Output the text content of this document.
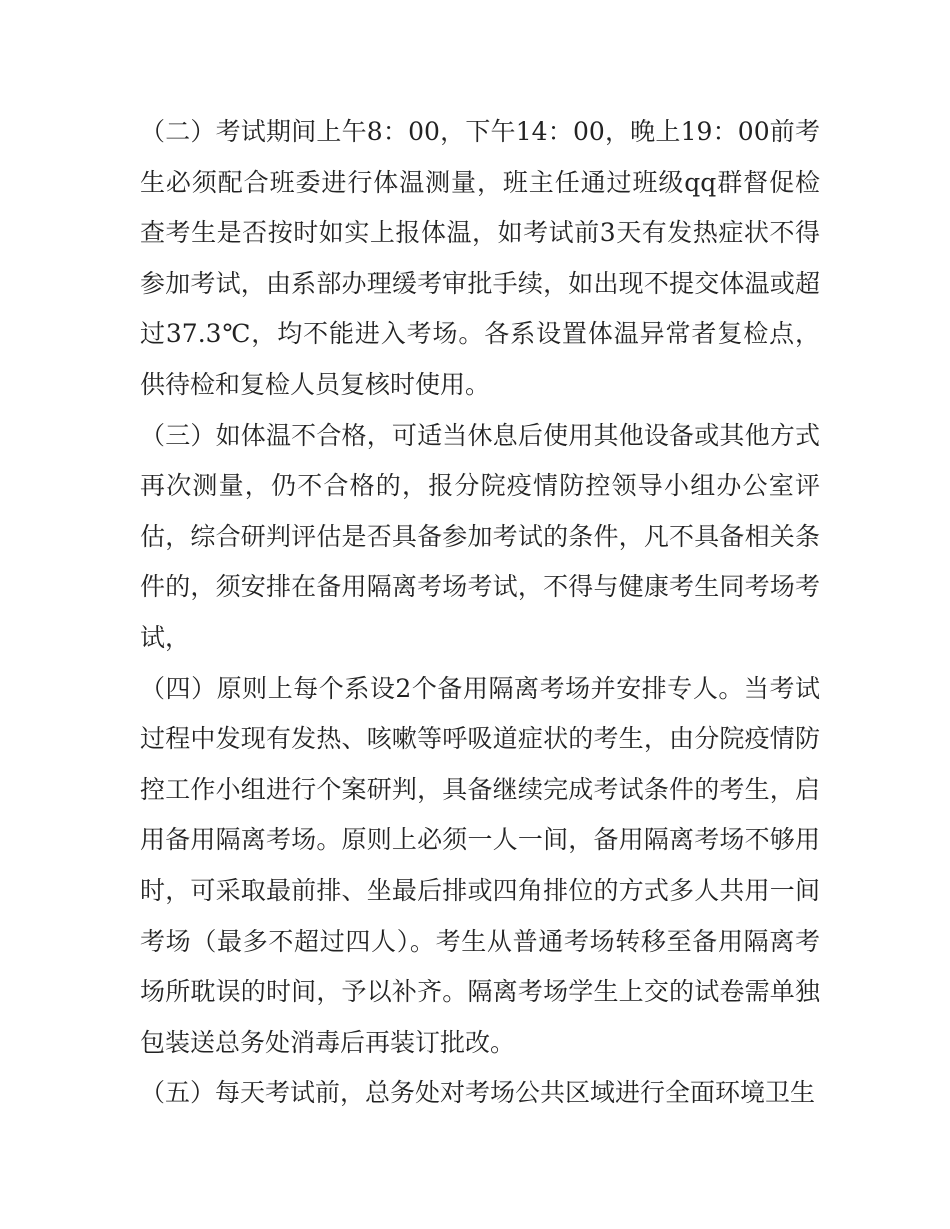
（二）考试期间上午8：00，下午14：00，晚上19：00前考生必须配合班委进行体温测量，班主任通过班级qq群督促检查考生是否按时如实上报体温，如考试前3天有发热症状不得参加考试，由系部办理缓考审批手续，如出现不提交体温或超过37.3℃，均不能进入考场。各系设置体温异常者复检点，供待检和复检人员复核时使用。

（三）如体温不合格，可适当休息后使用其他设备或其他方式再次测量，仍不合格的，报分院疫情防控领导小组办公室评估，综合研判评估是否具备参加考试的条件，凡不具备相关条件的，须安排在备用隔离考场考试，不得与健康考生同考场考试，

（四）原则上每个系设2个备用隔离考场并安排专人。当考试过程中发现有发热、咳嗽等呼吸道症状的考生，由分院疫情防控工作小组进行个案研判，具备继续完成考试条件的考生，启用备用隔离考场。原则上必须一人一间，备用隔离考场不够用时，可采取最前排、坐最后排或四角排位的方式多人共用一间考场（最多不超过四人）。考生从普通考场转移至备用隔离考场所耽误的时间，予以补齐。隔离考场学生上交的试卷需单独包装送总务处消毒后再装订批改。

（五）每天考试前，总务处对考场公共区域进行全面环境卫生
